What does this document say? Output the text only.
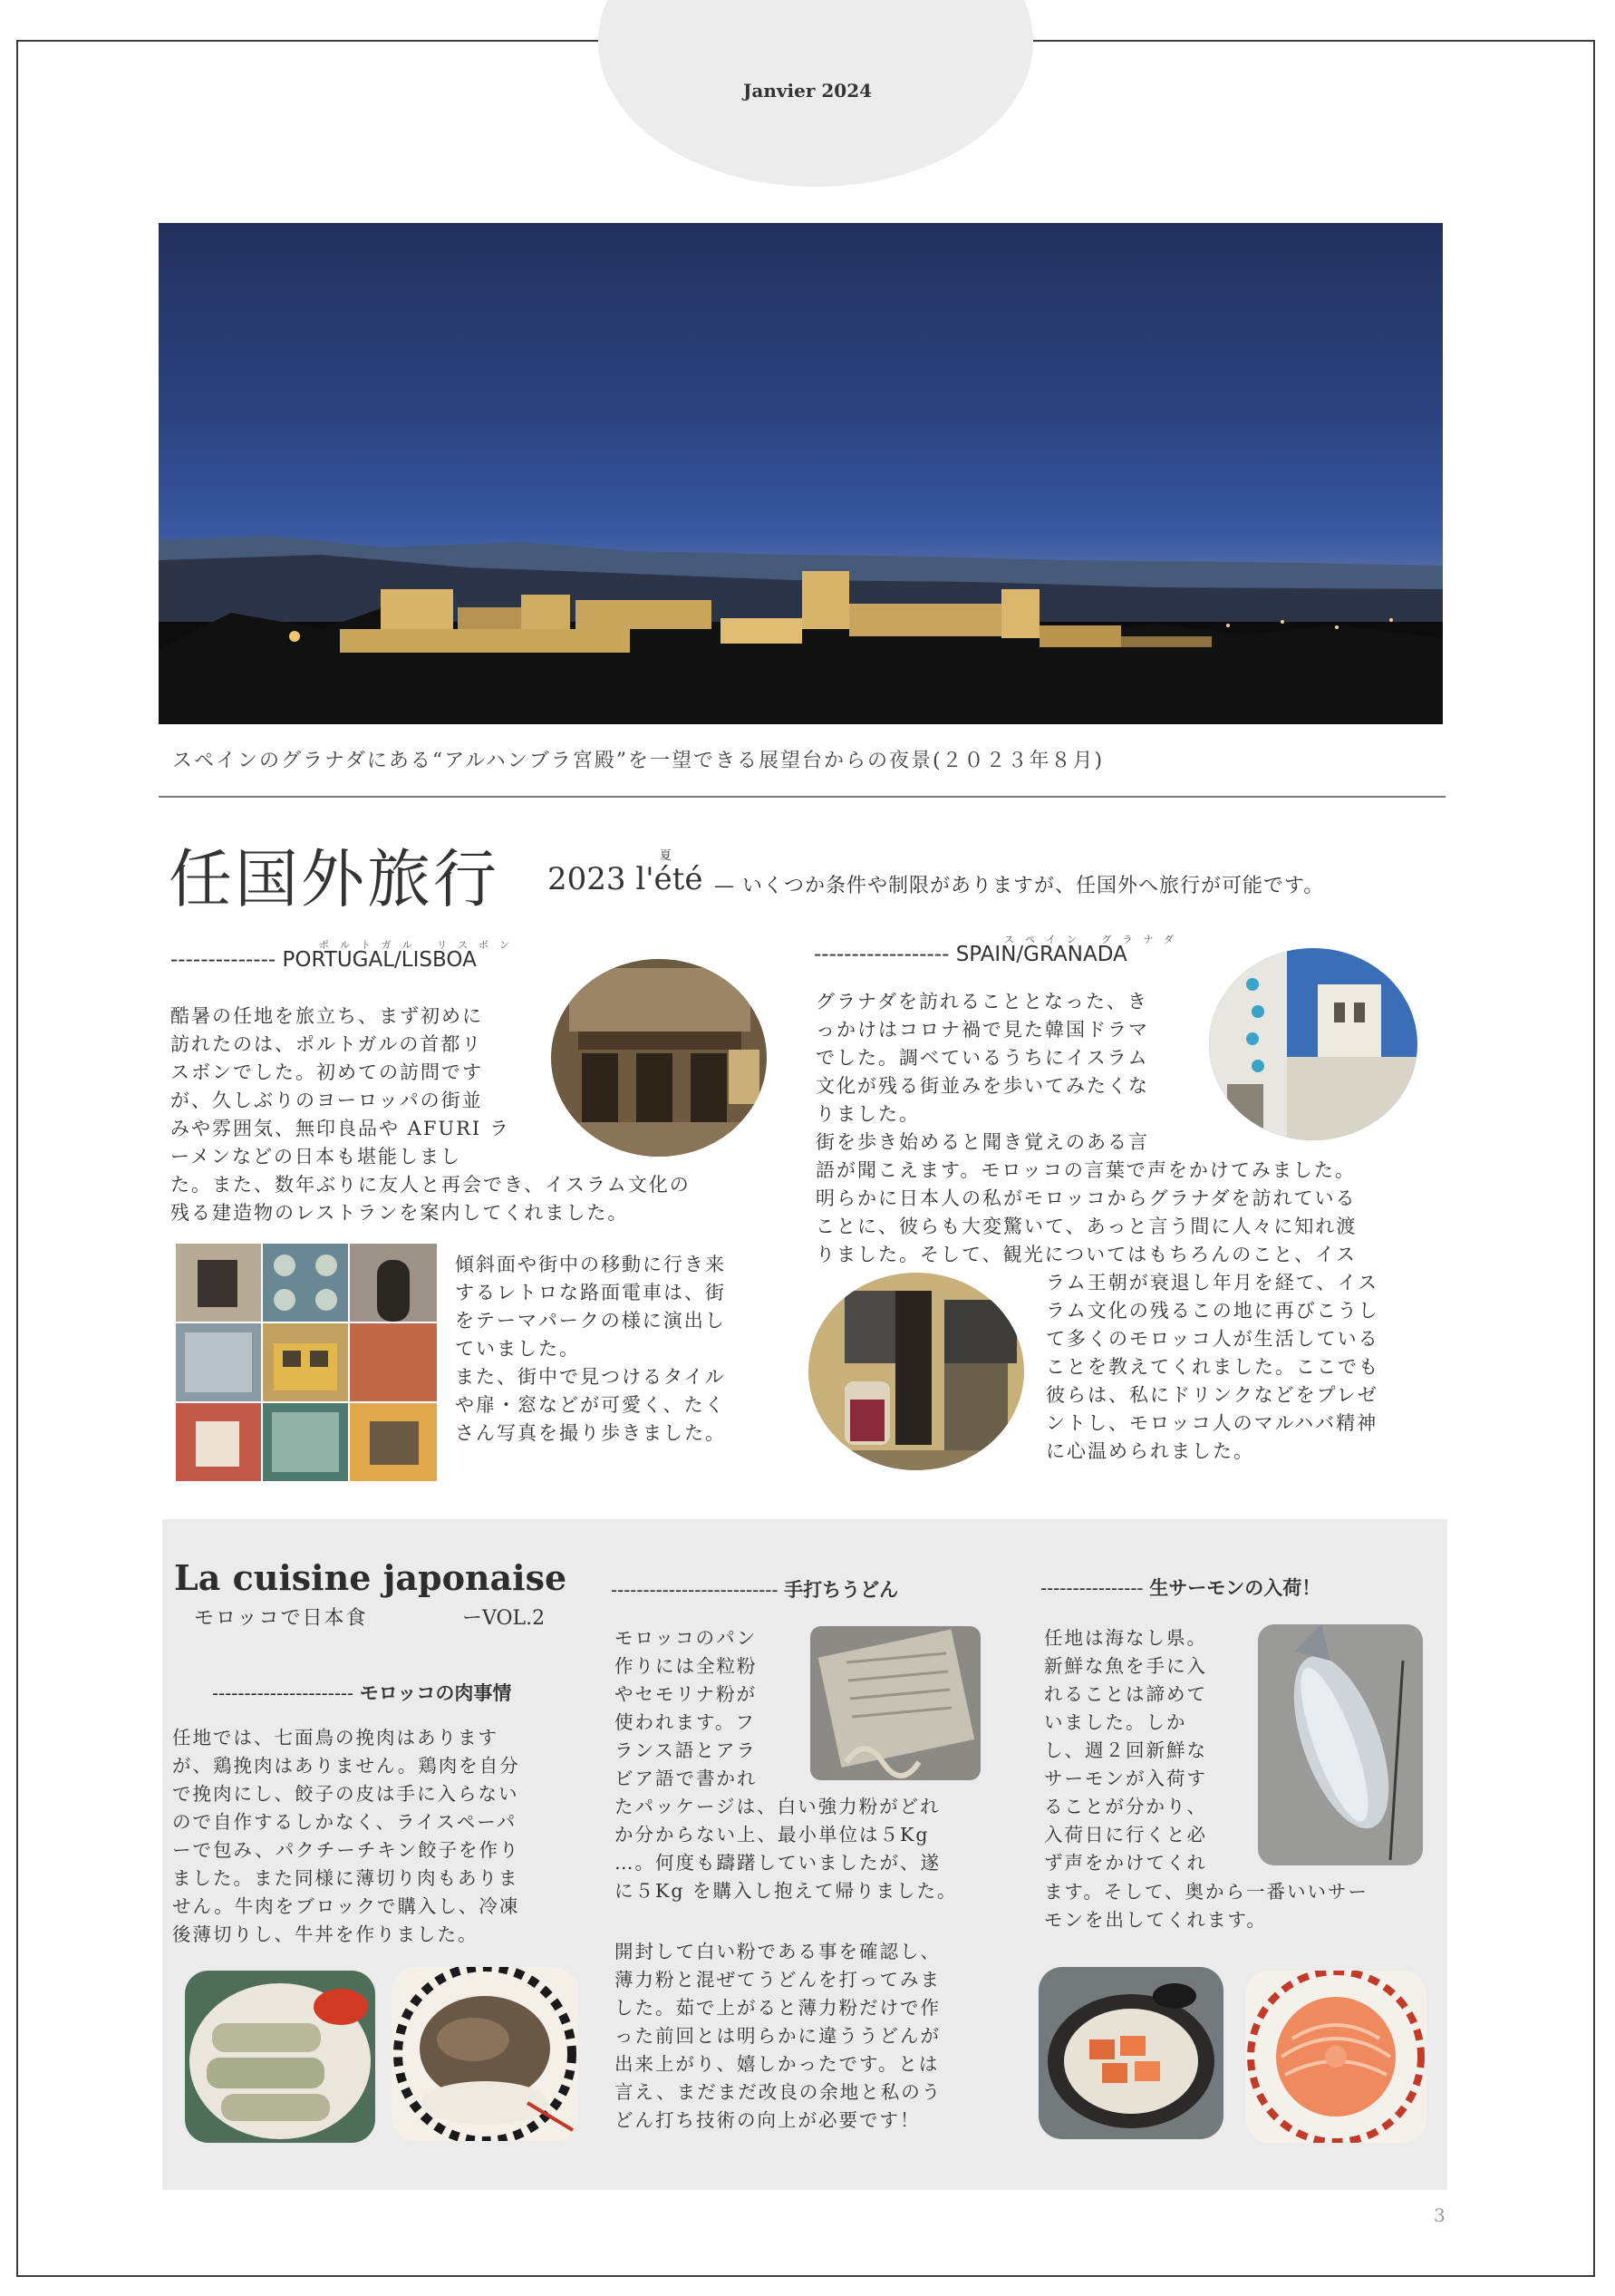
Janvier 2024
スペインのグラナダにある“アルハンブラ宮殿”を一望できる展望台からの夜景(２０２３年８月)
任国外旅行	夏
2023 l'été — いくつか条件や制限がありますが、任国外へ旅行が可能です。
ポルトガル リスボン
-------------- PORTUGAL/LISBOA
酷暑の任地を旅立ち、まず初めに
訪れたのは、ポルトガルの首都リ
スボンでした。初めての訪問です
が、久しぶりのヨーロッパの街並
みや雰囲気、無印良品や AFURI ラ
ーメンなどの日本も堪能しまし
た。また、数年ぶりに友人と再会でき、イスラム文化の
残る建造物のレストランを案内してくれました。
傾斜面や街中の移動に行き来
するレトロな路面電車は、街
をテーマパークの様に演出し
ていました。
また、街中で見つけるタイル
や扉・窓などが可愛く、たく
さん写真を撮り歩きました。
スペイン グラナダ
------------------ SPAIN/GRANADA
グラナダを訪れることとなった、き
っかけはコロナ禍で見た韓国ドラマ
でした。調べているうちにイスラム
文化が残る街並みを歩いてみたくな
りました。
街を歩き始めると聞き覚えのある言
語が聞こえます。モロッコの言葉で声をかけてみました。
明らかに日本人の私がモロッコからグラナダを訪れている
ことに、彼らも大変驚いて、あっと言う間に人々に知れ渡
りました。そして、観光についてはもちろんのこと、イス
ラム王朝が衰退し年月を経て、イス
ラム文化の残るこの地に再びこうし
て多くのモロッコ人が生活している
ことを教えてくれました。ここでも
彼らは、私にドリンクなどをプレゼ
ントし、モロッコ人のマルハバ精神
に心温められました。
La cuisine japonaise
モロッコで日本食	ーVOL.2
---------------------- モロッコの肉事情
任地では、七面鳥の挽肉はあります
が、鶏挽肉はありません。鶏肉を自分
で挽肉にし、餃子の皮は手に入らない
ので自作するしかなく、ライスペーパ
ーで包み、パクチーチキン餃子を作り
ました。また同様に薄切り肉もありま
せん。牛肉をブロックで購入し、冷凍
後薄切りし、牛丼を作りました。
-------------------------- 手打ちうどん
モロッコのパン
作りには全粒粉
やセモリナ粉が
使われます。フ
ランス語とアラ
ビア語で書かれ
たパッケージは、白い強力粉がどれ
か分からない上、最小単位は５Kg
…。何度も躊躇していましたが、遂
に５Kg を購入し抱えて帰りました。
開封して白い粉である事を確認し、
薄力粉と混ぜてうどんを打ってみま
した。茹で上がると薄力粉だけで作
った前回とは明らかに違ううどんが
出来上がり、嬉しかったです。とは
言え、まだまだ改良の余地と私のう
どん打ち技術の向上が必要です！
---------------- 生サーモンの入荷！
任地は海なし県。
新鮮な魚を手に入
れることは諦めて
いました。しか
し、週２回新鮮な
サーモンが入荷す
ることが分かり、
入荷日に行くと必
ず声をかけてくれ
ます。そして、奥から一番いいサー
モンを出してくれます。
3
